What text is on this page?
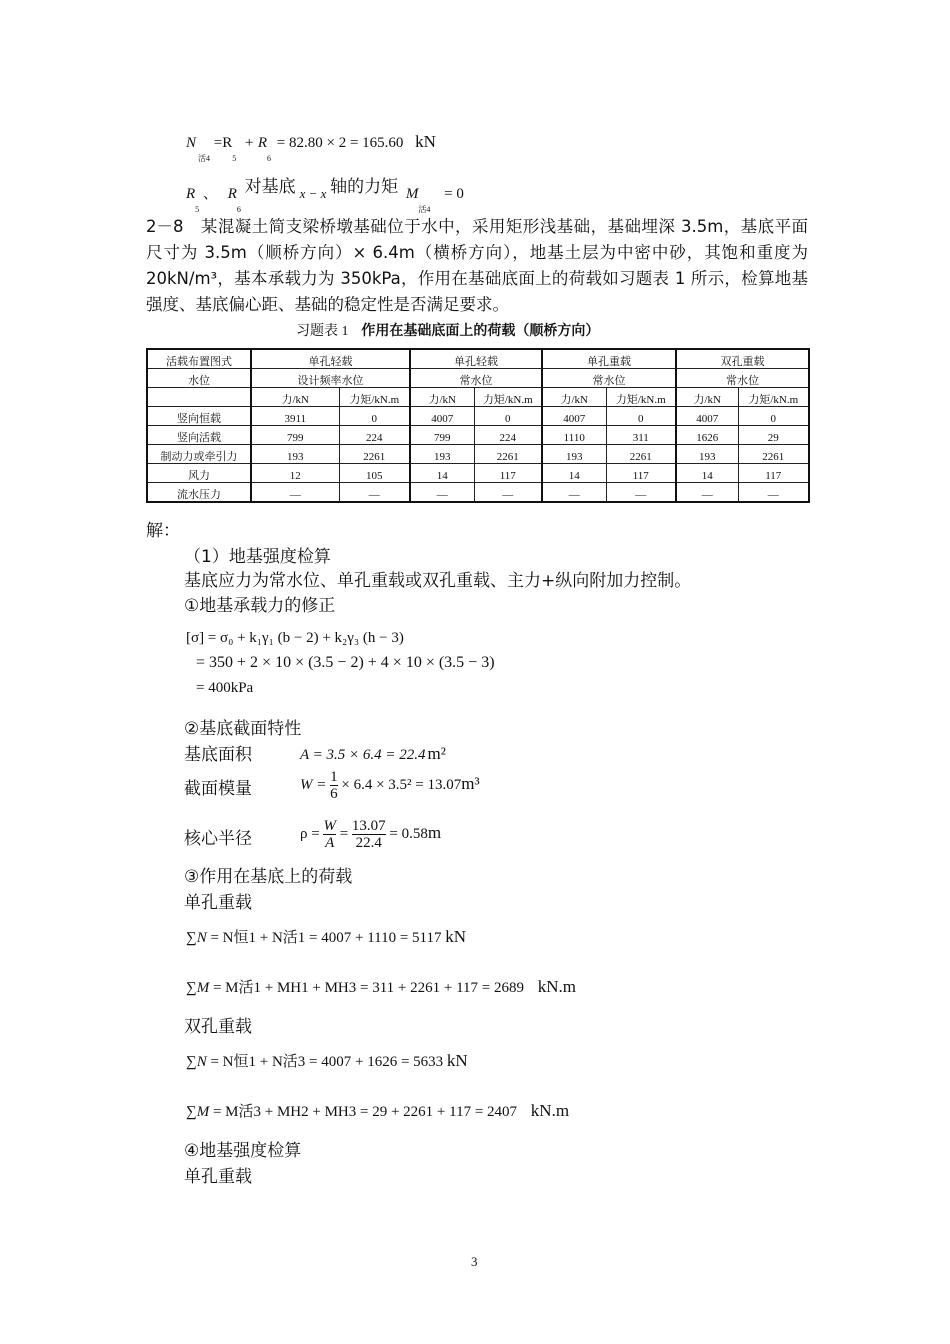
$N_{活4} =R_5 + R_6 = 82.80 \times 2 = 165.60$ kN
$R_5$ 、 $R_6$ 对基底 x − x 轴的力矩 $M_{活4} = 0$
2－8　某混凝土简支梁桥墩基础位于水中，采用矩形浅基础，基础埋深 3.5m，基底平面尺寸为 3.5m（顺桥方向）× 6.4m（横桥方向），地基土层为中密中砂，其饱和重度为 20kN/m³，基本承载力为 350kPa，作用在基础底面上的荷载如习题表 1 所示，检算地基强度、基底偏心距、基础的稳定性是否满足要求。
习题表 1 作用在基础底面上的荷载（顺桥方向）
活载布置图式	单孔轻载		单孔轻载		单孔重载		双孔重载	
水位	设计频率水位		常水位		常水位		常水位	
	力/kN	力矩/kN.m	力/kN	力矩/kN.m	力/kN	力矩/kN.m	力/kN	力矩/kN.m
竖向恒载	3911	0	4007	0	4007	0	4007	0
竖向活载	799	224	799	224	1110	311	1626	29
制动力或牵引力	193	2261	193	2261	193	2261	193	2261
风力	12	105	14	117	14	117	14	117
流水压力	—	—	—	—	—	—	—	—
解：
（1）地基强度检算
基底应力为常水位、单孔重载或双孔重载、主力+纵向附加力控制。
①地基承载力的修正
[σ] = σ₀ + k₁γ₁ (b − 2) + k₂γ₃ (h − 3)
= 350 + 2 × 10 × (3.5 − 2) + 4 × 10 × (3.5 − 3)
= 400kPa
②基底截面特性
基底面积	A = 3.5 × 6.4 = 22.4 m²
截面模量	$W = \frac{1}{6} \times 6.4 \times 3.5^2 = 13.07m^3$
核心半径	$\rho = \frac{W}{A} = \frac{13.07}{22.4} = 0.58m$
③作用在基底上的荷载
单孔重载
∑N = N恒1 + N活1 = 4007 + 1110 = 5117 kN
∑M = M活1 + MH1 + MH3 = 311 + 2261 + 117 = 2689 kN.m
双孔重载
∑N = N恒1 + N活3 = 4007 + 1626 = 5633 kN
∑M = M活3 + MH2 + MH3 = 29 + 2261 + 117 = 2407 kN.m
④地基强度检算
单孔重载
3
